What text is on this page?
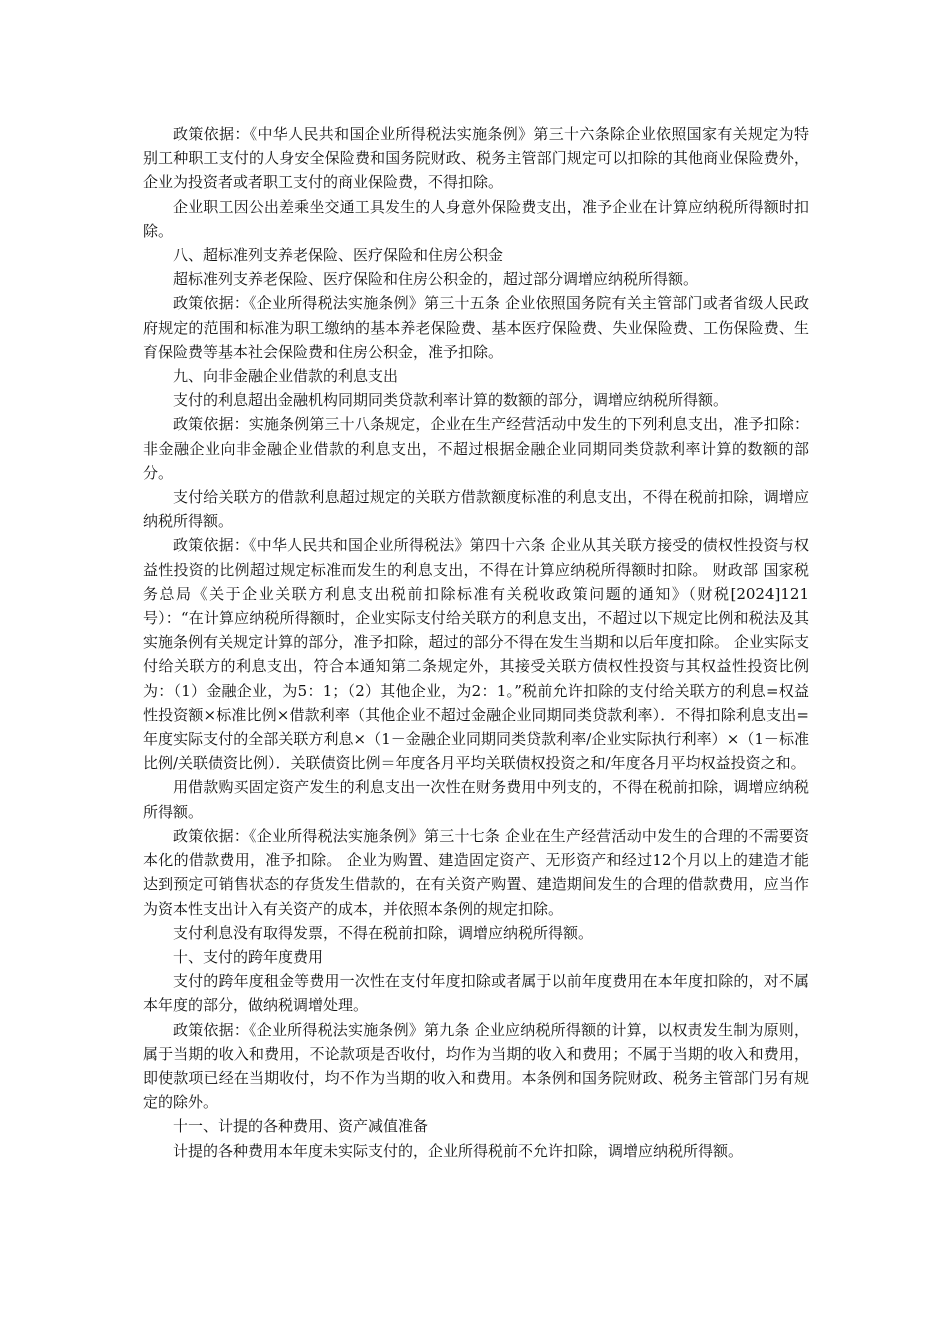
政策依据：《中华人民共和国企业所得税法实施条例》第三十六条除企业依照国家有关规定为特别工种职工支付的人身安全保险费和国务院财政、税务主管部门规定可以扣除的其他商业保险费外，企业为投资者或者职工支付的商业保险费，不得扣除。

企业职工因公出差乘坐交通工具发生的人身意外保险费支出，准予企业在计算应纳税所得额时扣除。

八、超标准列支养老保险、医疗保险和住房公积金

超标准列支养老保险、医疗保险和住房公积金的，超过部分调增应纳税所得额。

政策依据：《企业所得税法实施条例》第三十五条 企业依照国务院有关主管部门或者省级人民政府规定的范围和标准为职工缴纳的基本养老保险费、基本医疗保险费、失业保险费、工伤保险费、生育保险费等基本社会保险费和住房公积金，准予扣除。

九、向非金融企业借款的利息支出

支付的利息超出金融机构同期同类贷款利率计算的数额的部分，调增应纳税所得额。

政策依据：实施条例第三十八条规定，企业在生产经营活动中发生的下列利息支出，准予扣除：非金融企业向非金融企业借款的利息支出，不超过根据金融企业同期同类贷款利率计算的数额的部分。

支付给关联方的借款利息超过规定的关联方借款额度标准的利息支出，不得在税前扣除，调增应纳税所得额。

政策依据：《中华人民共和国企业所得税法》第四十六条 企业从其关联方接受的债权性投资与权益性投资的比例超过规定标准而发生的利息支出，不得在计算应纳税所得额时扣除。 财政部 国家税务总局《关于企业关联方利息支出税前扣除标准有关税收政策问题的通知》（财税[2024]121号）：“在计算应纳税所得额时，企业实际支付给关联方的利息支出，不超过以下规定比例和税法及其实施条例有关规定计算的部分，准予扣除，超过的部分不得在发生当期和以后年度扣除。 企业实际支付给关联方的利息支出，符合本通知第二条规定外，其接受关联方债权性投资与其权益性投资比例为：（1）金融企业，为5：1；（2）其他企业，为2：1。”税前允许扣除的支付给关联方的利息=权益性投资额×标准比例×借款利率（其他企业不超过金融企业同期同类贷款利率）．不得扣除利息支出=年度实际支付的全部关联方利息×（1－金融企业同期同类贷款利率/企业实际执行利率）×（1－标准比例/关联债资比例）．关联债资比例＝年度各月平均关联债权投资之和/年度各月平均权益投资之和。

用借款购买固定资产发生的利息支出一次性在财务费用中列支的，不得在税前扣除，调增应纳税所得额。

政策依据：《企业所得税法实施条例》第三十七条 企业在生产经营活动中发生的合理的不需要资本化的借款费用，准予扣除。 企业为购置、建造固定资产、无形资产和经过12个月以上的建造才能达到预定可销售状态的存货发生借款的，在有关资产购置、建造期间发生的合理的借款费用，应当作为资本性支出计入有关资产的成本，并依照本条例的规定扣除。

支付利息没有取得发票，不得在税前扣除，调增应纳税所得额。

十、支付的跨年度费用

支付的跨年度租金等费用一次性在支付年度扣除或者属于以前年度费用在本年度扣除的，对不属本年度的部分，做纳税调增处理。

政策依据：《企业所得税法实施条例》第九条 企业应纳税所得额的计算，以权责发生制为原则，属于当期的收入和费用，不论款项是否收付，均作为当期的收入和费用；不属于当期的收入和费用，即使款项已经在当期收付，均不作为当期的收入和费用。本条例和国务院财政、税务主管部门另有规定的除外。

十一、计提的各种费用、资产减值准备

计提的各种费用本年度未实际支付的，企业所得税前不允许扣除，调增应纳税所得额。
